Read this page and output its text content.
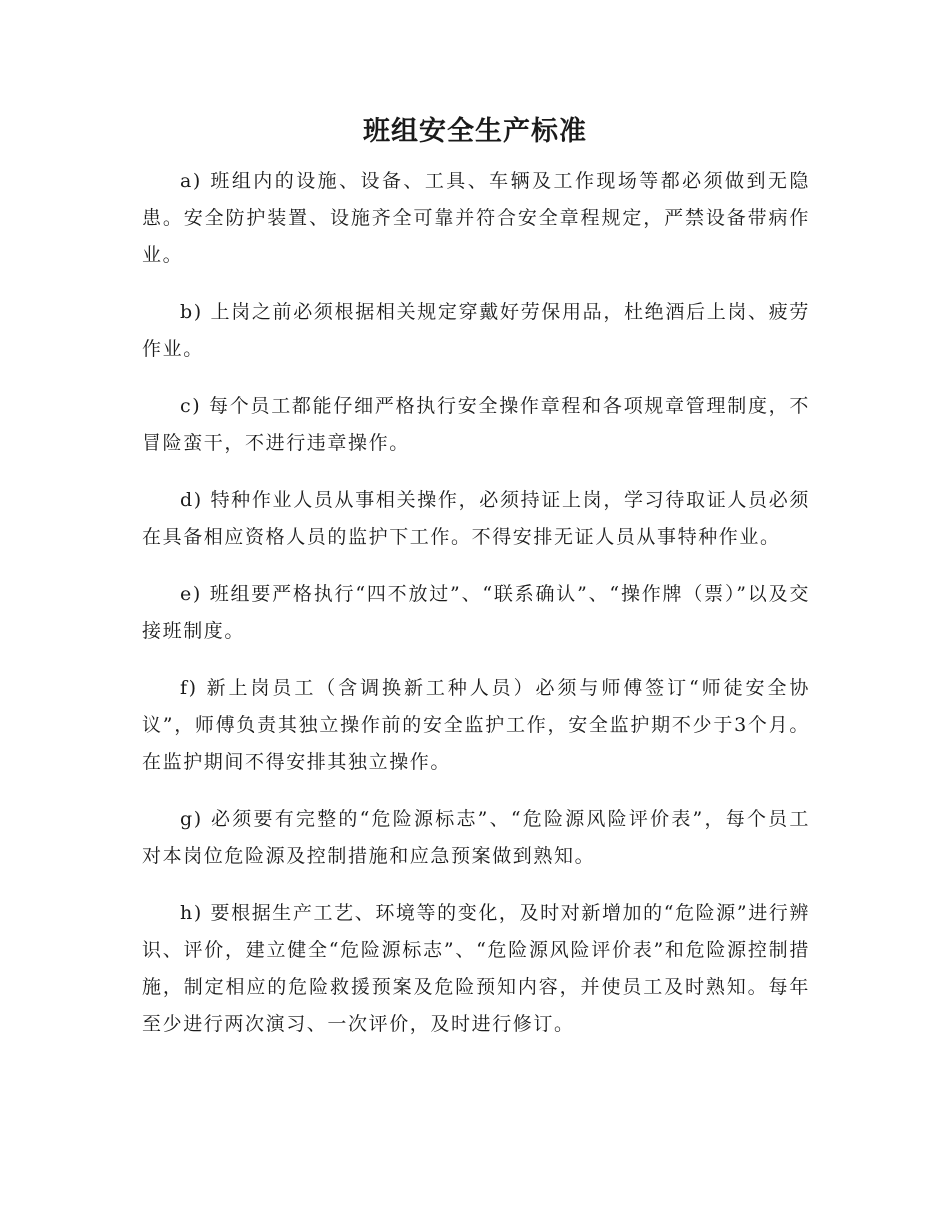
班组安全生产标准

a) 班组内的设施、设备、工具、车辆及工作现场等都必须做到无隐患。安全防护装置、设施齐全可靠并符合安全章程规定，严禁设备带病作业。

b) 上岗之前必须根据相关规定穿戴好劳保用品，杜绝酒后上岗、疲劳作业。

c) 每个员工都能仔细严格执行安全操作章程和各项规章管理制度，不冒险蛮干，不进行违章操作。

d) 特种作业人员从事相关操作，必须持证上岗，学习待取证人员必须在具备相应资格人员的监护下工作。不得安排无证人员从事特种作业。

e) 班组要严格执行“四不放过”、“联系确认”、“操作牌（票）”以及交接班制度。

f) 新上岗员工（含调换新工种人员）必须与师傅签订“师徒安全协议”，师傅负责其独立操作前的安全监护工作，安全监护期不少于3个月。在监护期间不得安排其独立操作。

g) 必须要有完整的“危险源标志”、“危险源风险评价表”，每个员工对本岗位危险源及控制措施和应急预案做到熟知。

h) 要根据生产工艺、环境等的变化，及时对新增加的“危险源”进行辨识、评价，建立健全“危险源标志”、“危险源风险评价表”和危险源控制措施，制定相应的危险救援预案及危险预知内容，并使员工及时熟知。每年至少进行两次演习、一次评价，及时进行修订。
